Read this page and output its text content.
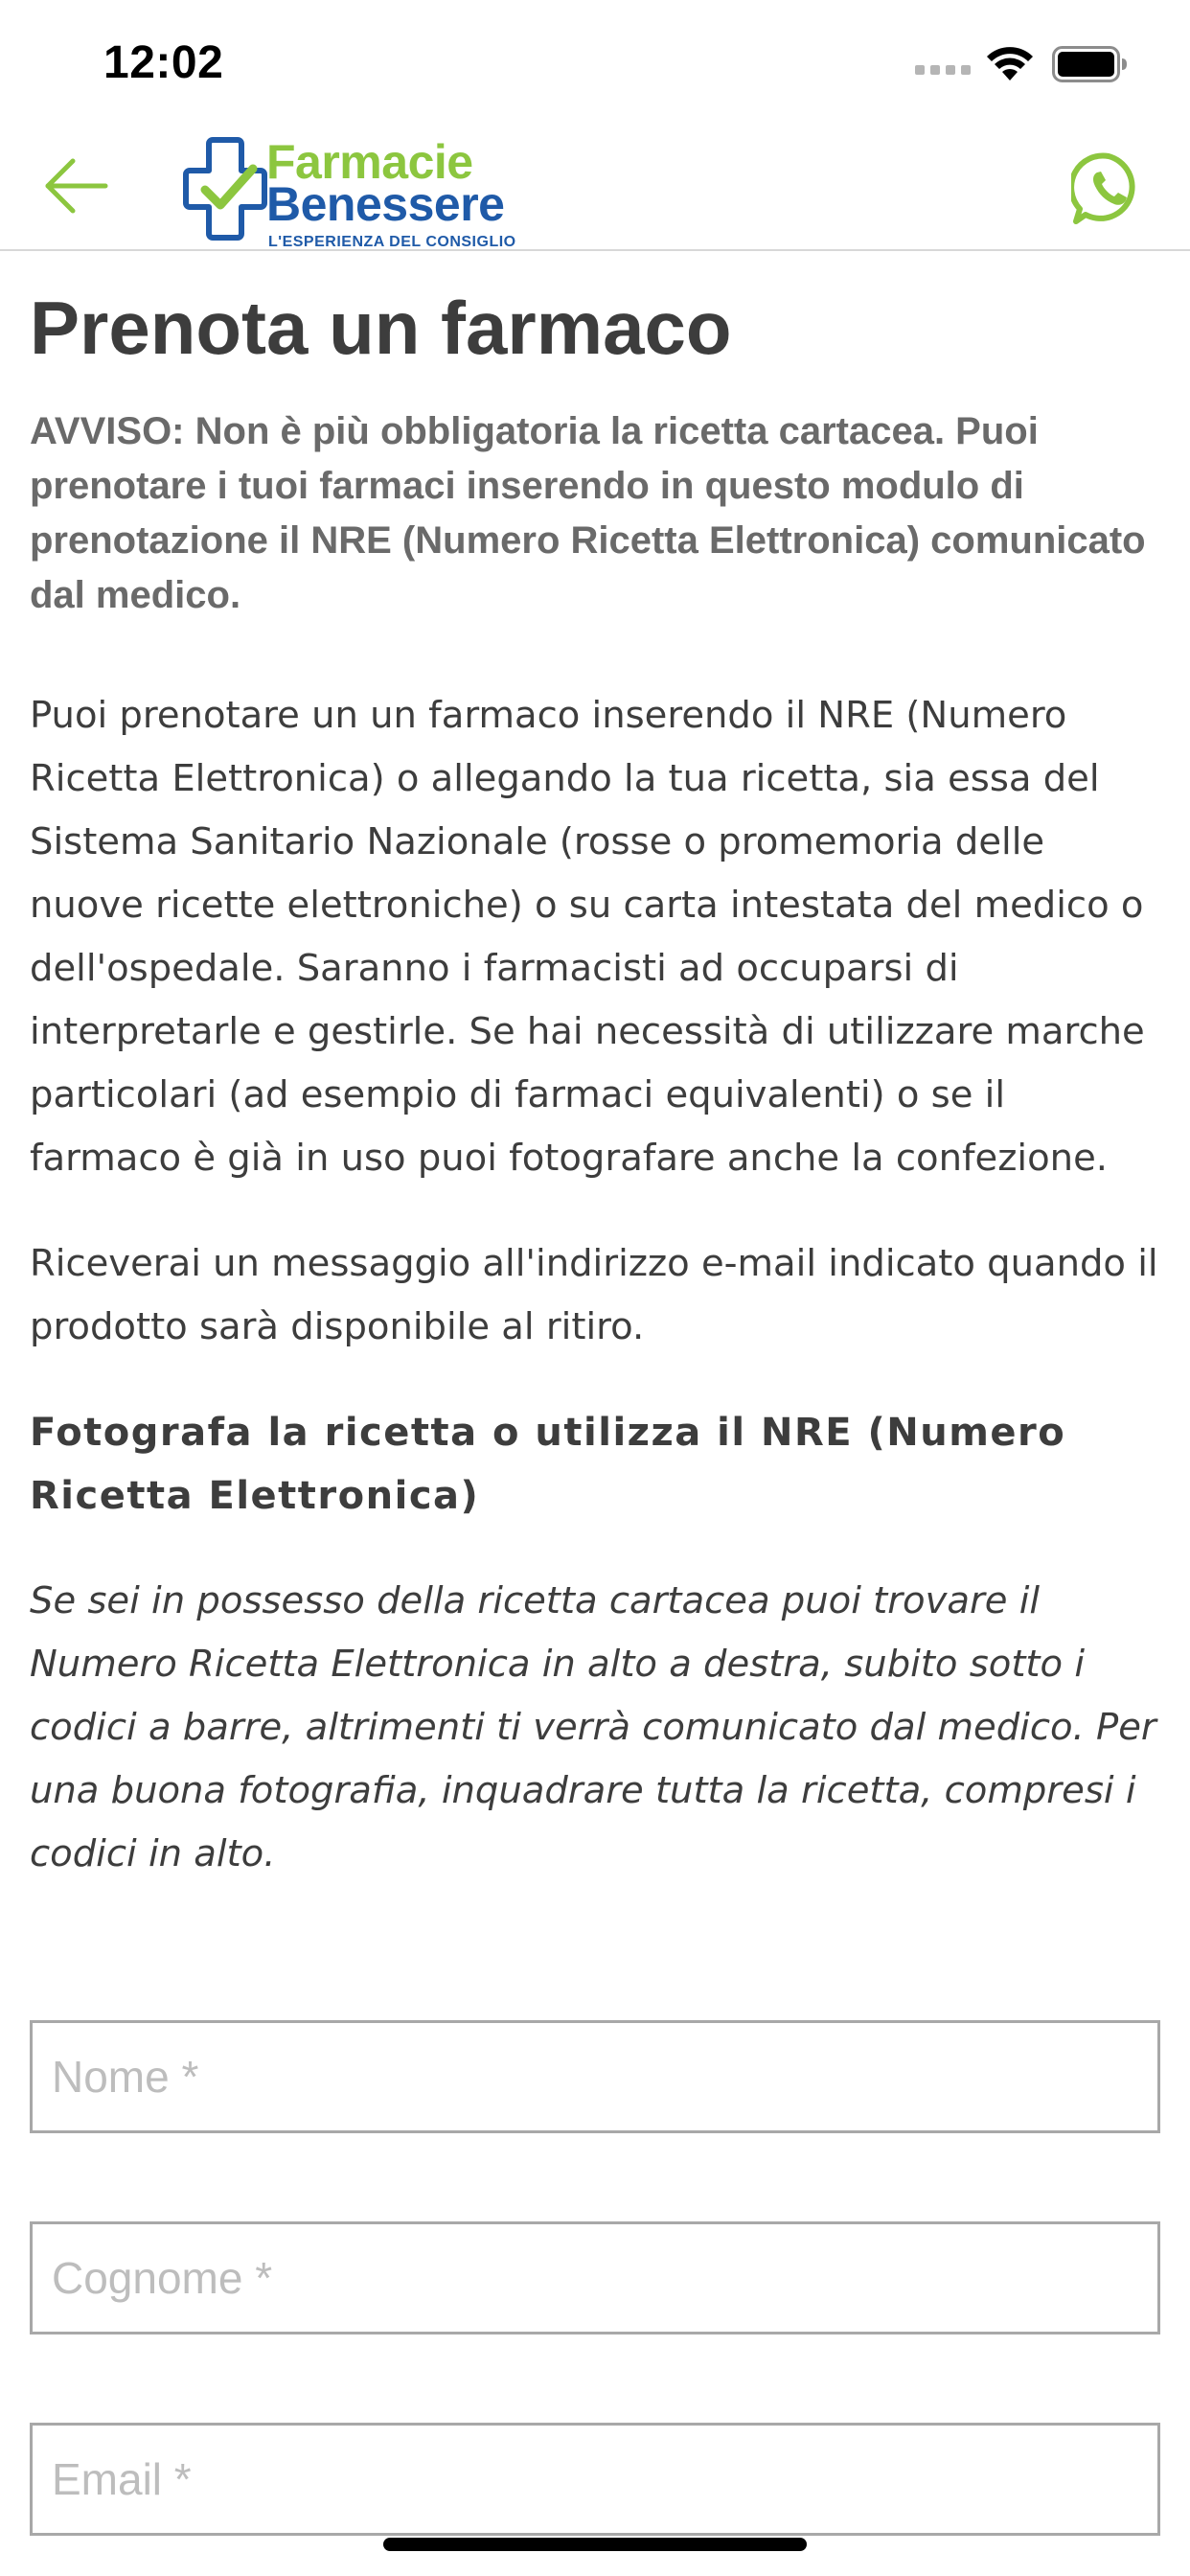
12:02
Farmacie
Benessere
L'ESPERIENZA DEL CONSIGLIO
Prenota un farmaco

AVVISO: Non è più obbligatoria la ricetta cartacea. Puoi prenotare i tuoi farmaci inserendo in questo modulo di prenotazione il NRE (Numero Ricetta Elettronica) comunicato dal medico.

Puoi prenotare un un farmaco inserendo il NRE (Numero Ricetta Elettronica) o allegando la tua ricetta, sia essa del Sistema Sanitario Nazionale (rosse o promemoria delle nuove ricette elettroniche) o su carta intestata del medico o dell'ospedale. Saranno i farmacisti ad occuparsi di interpretarle e gestirle. Se hai necessità di utilizzare marche particolari (ad esempio di farmaci equivalenti) o se il farmaco è già in uso puoi fotografare anche la confezione.

Riceverai un messaggio all'indirizzo e-mail indicato quando il prodotto sarà disponibile al ritiro.

Fotografa la ricetta o utilizza il NRE (Numero Ricetta Elettronica)

Se sei in possesso della ricetta cartacea puoi trovare il Numero Ricetta Elettronica in alto a destra, subito sotto i codici a barre, altrimenti ti verrà comunicato dal medico. Per una buona fotografia, inquadrare tutta la ricetta, compresi i codici in alto.

Nome *
Cognome *
Email *
